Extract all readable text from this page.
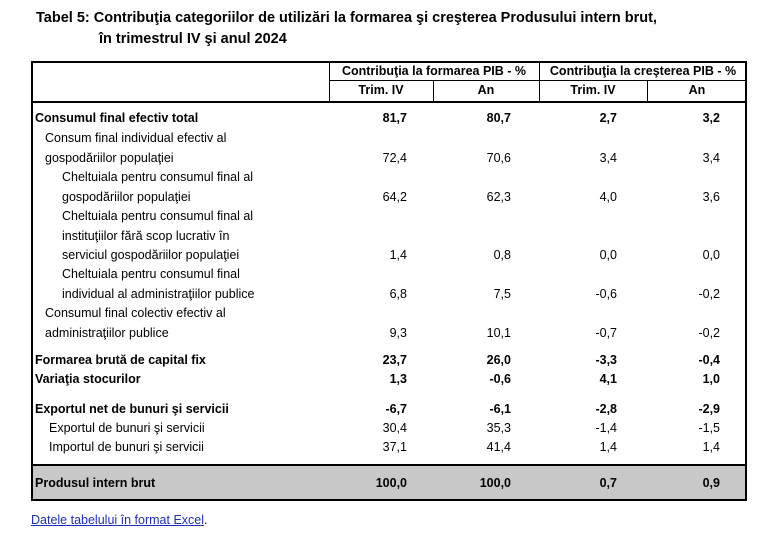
Tabel 5: Contribuţia categoriilor de utilizări la formarea şi creşterea Produsului intern brut,
în trimestrul IV şi anul 2024
Contribuţia la formarea PIB - %	Contribuţia la creşterea PIB - %
Trim. IV	An	Trim. IV	An
Consumul final efectiv total	81,7	80,7	2,7	3,2
Consum final individual efectiv al
gospodăriilor populaţiei	72,4	70,6	3,4	3,4
Cheltuiala pentru consumul final al
gospodăriilor populaţiei	64,2	62,3	4,0	3,6
Cheltuiala pentru consumul final al
instituţiilor fără scop lucrativ în
serviciul gospodăriilor populaţiei	1,4	0,8	0,0	0,0
Cheltuiala pentru consumul final
individual al administraţiilor publice	6,8	7,5	-0,6	-0,2
Consumul final colectiv efectiv al
administraţiilor publice	9,3	10,1	-0,7	-0,2
Formarea brută de capital fix	23,7	26,0	-3,3	-0,4
Variaţia stocurilor	1,3	-0,6	4,1	1,0
Exportul net de bunuri şi servicii	-6,7	-6,1	-2,8	-2,9
Exportul de bunuri şi servicii	30,4	35,3	-1,4	-1,5
Importul de bunuri şi servicii	37,1	41,4	1,4	1,4
Produsul intern brut	100,0	100,0	0,7	0,9
Datele tabelului în format Excel.
